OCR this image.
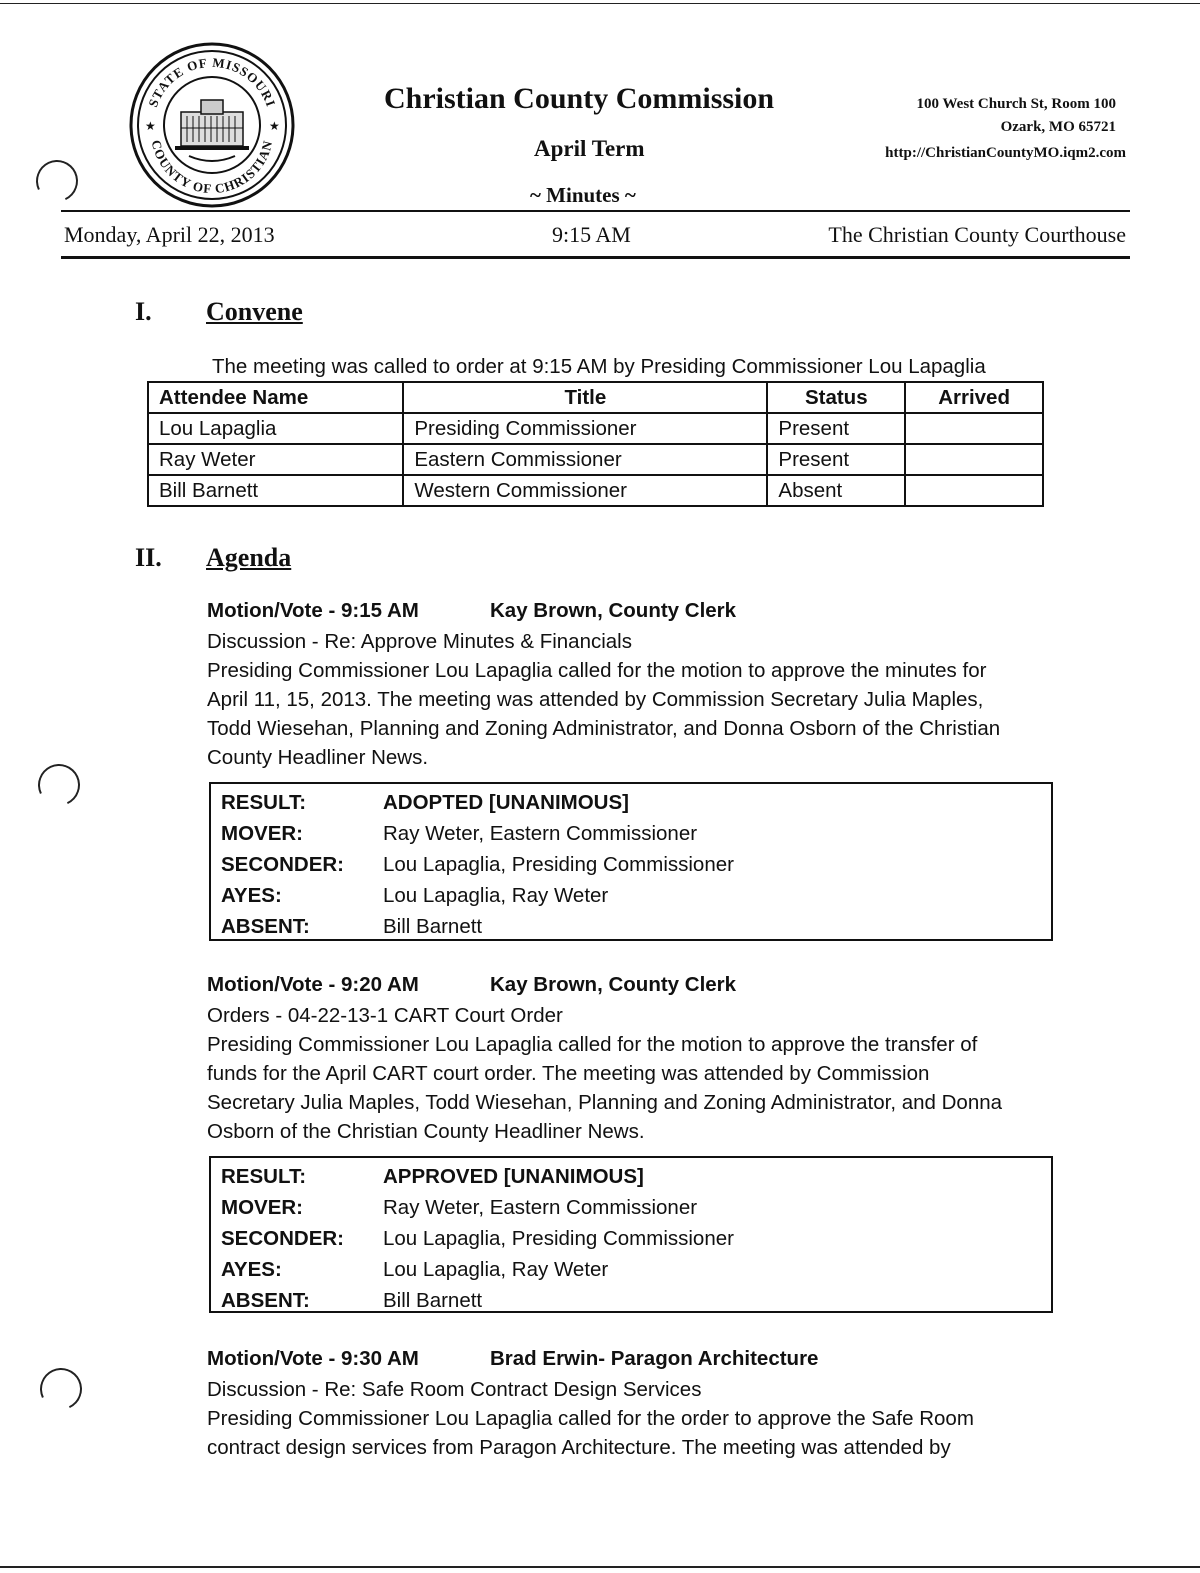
STATE OF MISSOURI
COUNTY OF CHRISTIAN
★	★
Christian County Commission
April Term
~ Minutes ~
100 West Church St, Room 100
Ozark, MO 65721
http://ChristianCountyMO.iqm2.com
Monday, April 22, 2013	9:15 AM	The Christian County Courthouse
I. Convene
The meeting was called to order at 9:15 AM by Presiding Commissioner Lou Lapaglia
Attendee Name	Title	Status	Arrived
Lou Lapaglia	Presiding Commissioner	Present	
Ray Weter	Eastern Commissioner	Present	
Bill Barnett	Western Commissioner	Absent	
II. Agenda
Motion/Vote - 9:15 AM	Kay Brown, County Clerk
Discussion - Re: Approve Minutes & Financials
Presiding Commissioner Lou Lapaglia called for the motion to approve the minutes for
April 11, 15, 2013. The meeting was attended by Commission Secretary Julia Maples,
Todd Wiesehan, Planning and Zoning Administrator, and Donna Osborn of the Christian
County Headliner News.
RESULT:	ADOPTED [UNANIMOUS]
MOVER:	Ray Weter, Eastern Commissioner
SECONDER: Lou Lapaglia, Presiding Commissioner
AYES:	Lou Lapaglia, Ray Weter
ABSENT:	Bill Barnett
Motion/Vote - 9:20 AM	Kay Brown, County Clerk
Orders - 04-22-13-1 CART Court Order
Presiding Commissioner Lou Lapaglia called for the motion to approve the transfer of
funds for the April CART court order. The meeting was attended by Commission
Secretary Julia Maples, Todd Wiesehan, Planning and Zoning Administrator, and Donna
Osborn of the Christian County Headliner News.
RESULT:	APPROVED [UNANIMOUS]
MOVER:	Ray Weter, Eastern Commissioner
SECONDER: Lou Lapaglia, Presiding Commissioner
AYES:	Lou Lapaglia, Ray Weter
ABSENT:	Bill Barnett
Motion/Vote - 9:30 AM	Brad Erwin- Paragon Architecture
Discussion - Re: Safe Room Contract Design Services
Presiding Commissioner Lou Lapaglia called for the order to approve the Safe Room
contract design services from Paragon Architecture. The meeting was attended by
